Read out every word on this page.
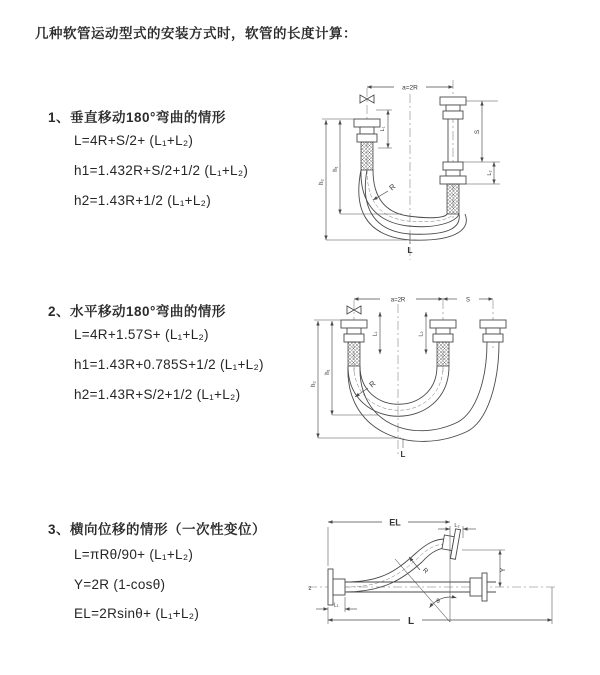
几种软管运动型式的安装方式时，软管的长度计算：
1、垂直移动180°弯曲的情形
L=4R+S/2+ (L₁+L₂)
h1=1.432R+S/2+1/2 (L₁+L₂)
h2=1.43R+1/2 (L₁+L₂)
2、水平移动180°弯曲的情形
L=4R+1.57S+ (L₁+L₂)
h1=1.43R+0.785S+1/2 (L₁+L₂)
h2=1.43R+S/2+1/2 (L₁+L₂)
3、横向位移的情形（一次性变位）
L=πRθ/90+ (L₁+L₂)
Y=2R (1-cosθ)
EL=2Rsinθ+ (L₁+L₂)
a=2R
h₂
h₁
L₁
S
L₂
R
L
a=2R	S
h₂
h₁
L₁	L₂
R
L
z
EL	L₂
Y
θ
R
L₁
L
